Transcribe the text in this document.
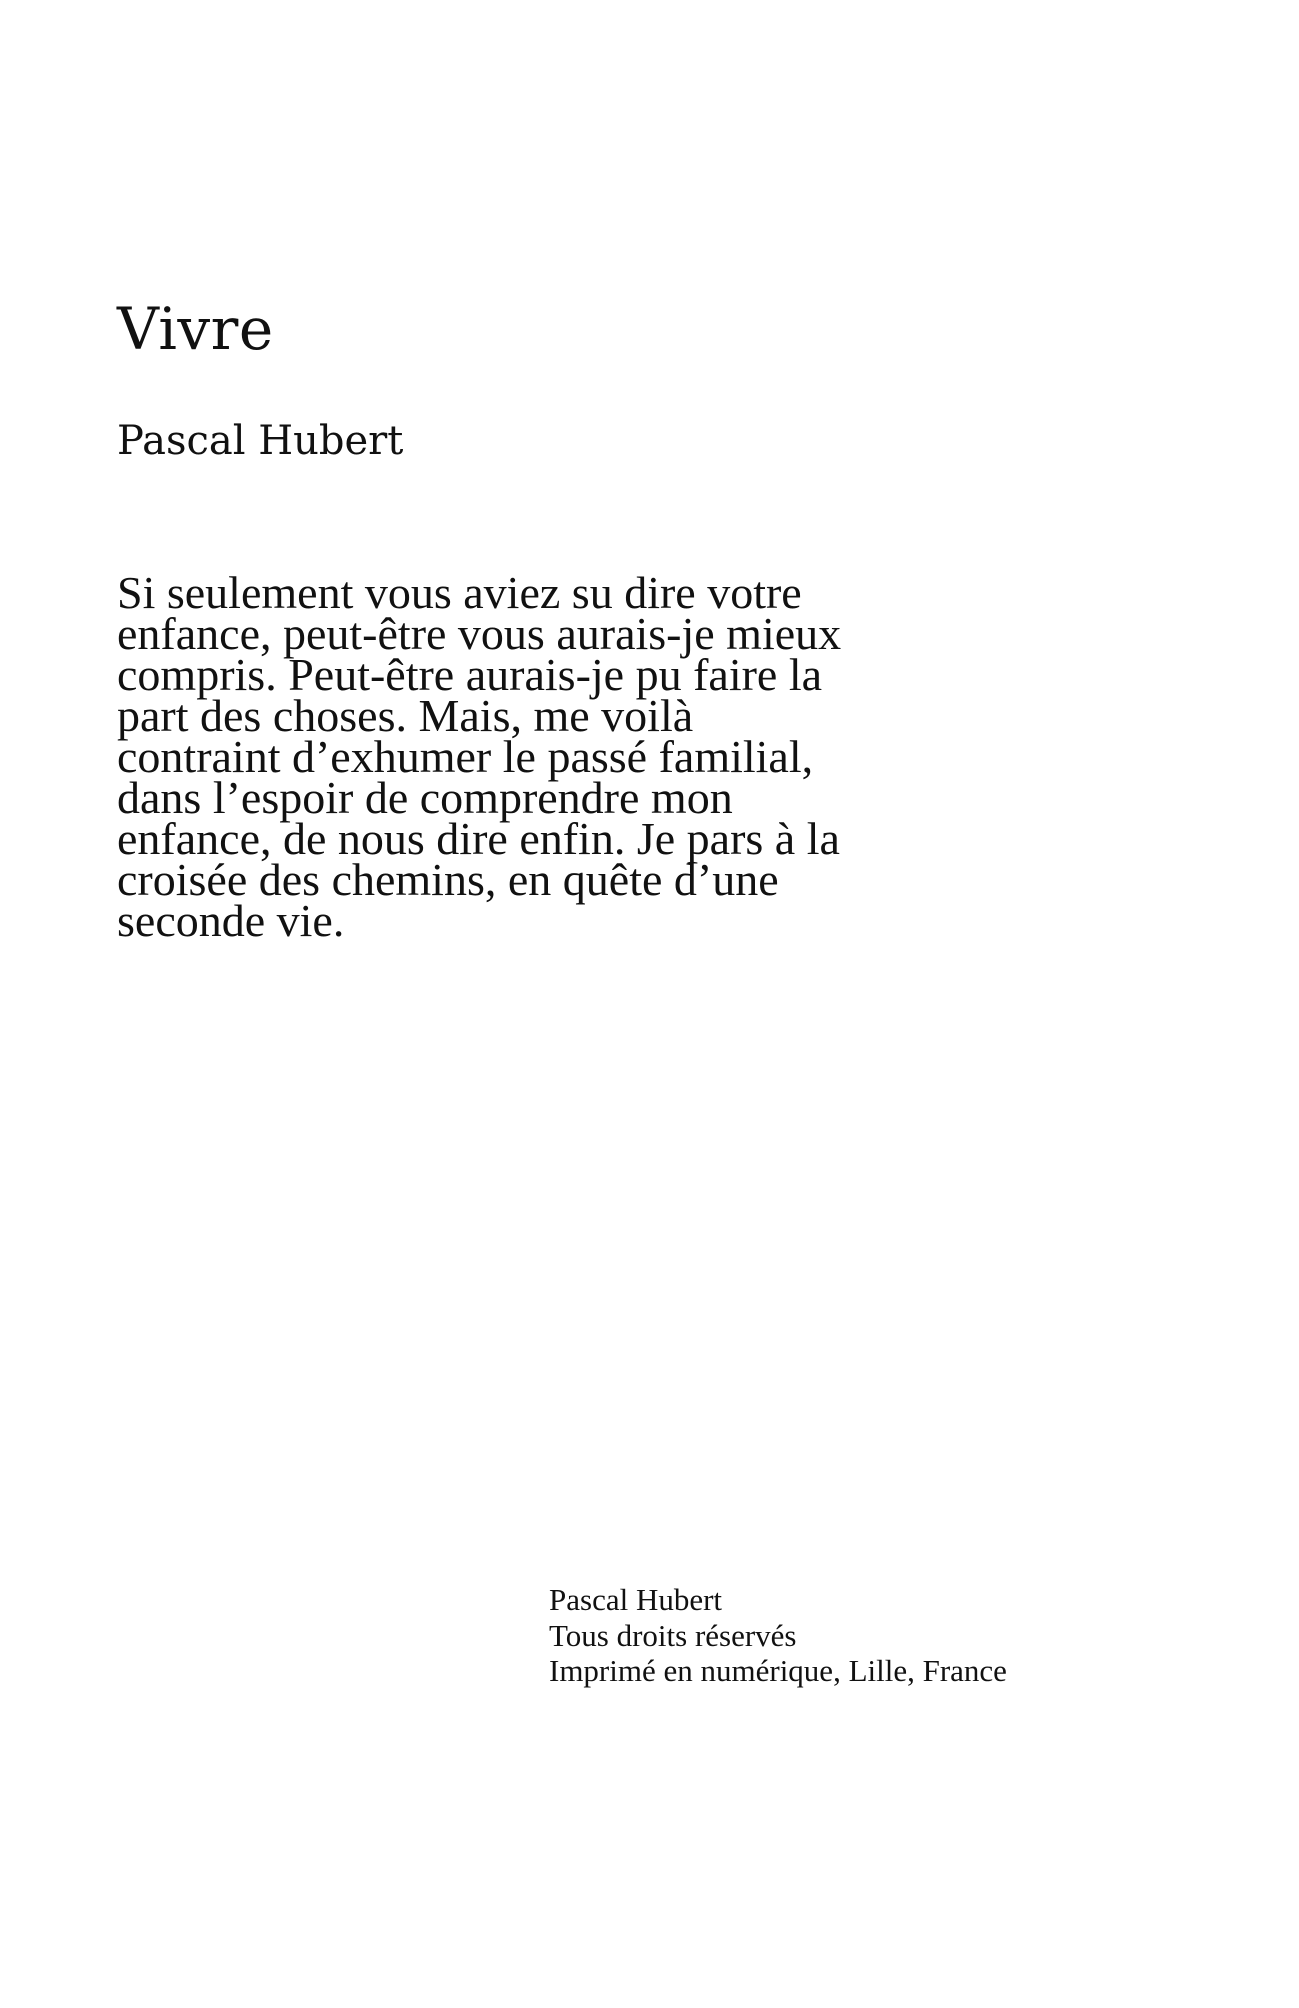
Vivre

Pascal Hubert

Si seulement vous aviez su dire votre
enfance, peut-être vous aurais-je mieux
compris. Peut-être aurais-je pu faire la
part des choses. Mais, me voilà
contraint d’exhumer le passé familial,
dans l’espoir de comprendre mon
enfance, de nous dire enfin. Je pars à la
croisée des chemins, en quête d’une
seconde vie.

Pascal Hubert
Tous droits réservés
Imprimé en numérique, Lille, France
